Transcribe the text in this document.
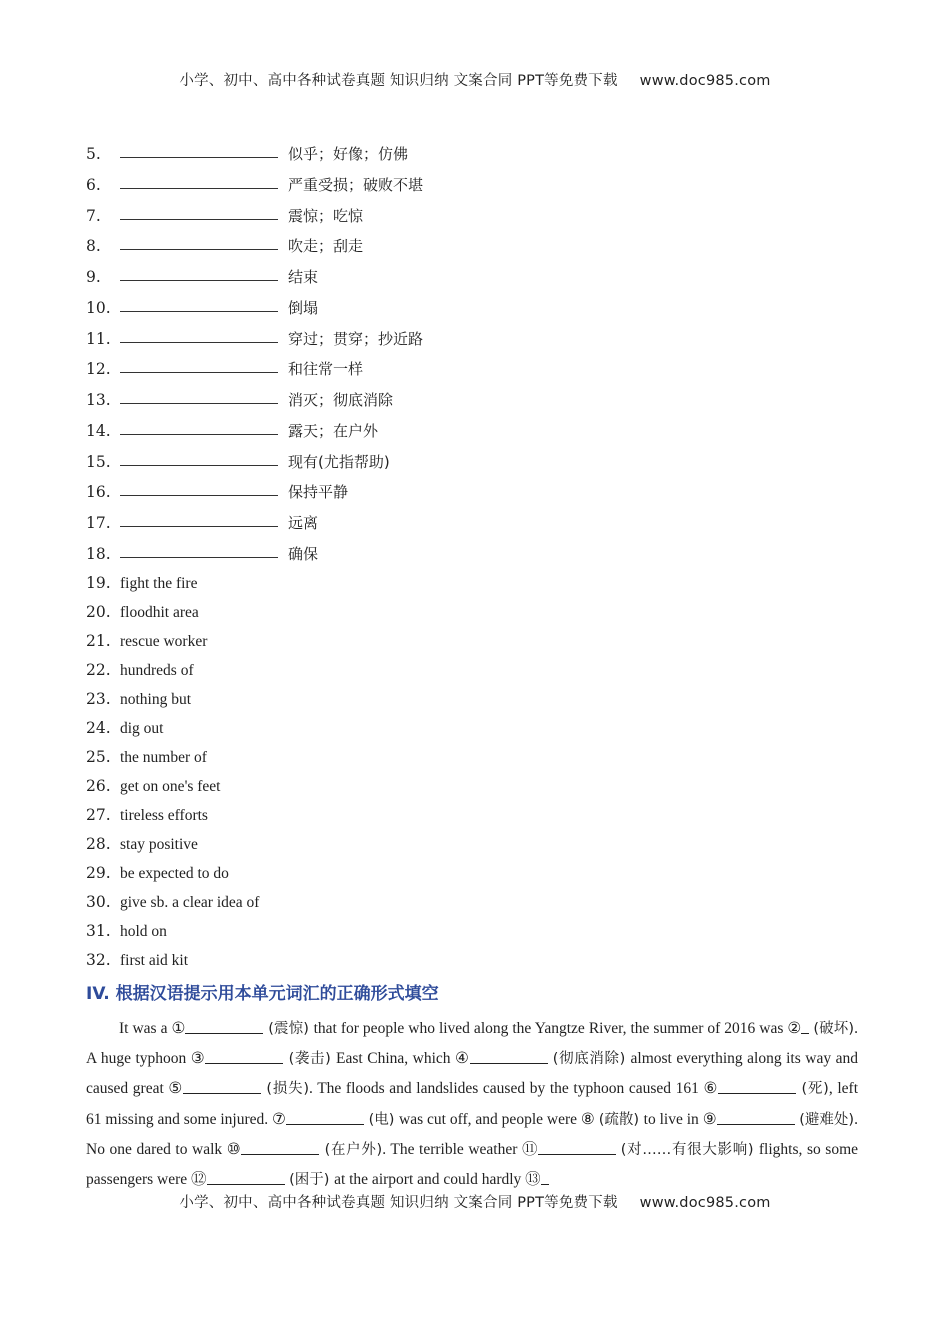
小学、初中、高中各种试卷真题 知识归纳 文案合同 PPT等免费下载 www.doc985.com
5.	似乎；好像；仿佛
6.	严重受损；破败不堪
7.	震惊；吃惊
8.	吹走；刮走
9.	结束
10.	倒塌
11.	穿过；贯穿；抄近路
12.	和往常一样
13.	消灭；彻底消除
14.	露天；在户外
15.	现有(尤指帮助)
16.	保持平静
17.	远离
18.	确保
19. fight the fire
20. floodhit area
21. rescue worker
22. hundreds of
23. nothing but
24. dig out
25. the number of
26. get on one's feet
27. tireless efforts
28. stay positive
29. be expected to do
30. give sb. a clear idea of
31. hold on
32. first aid kit
IV. 根据汉语提示用本单元词汇的正确形式填空
It was a ①	(震惊) that for people who lived along the Yangtze River, the summer of 2016 was ② (破坏). A huge typhoon ③	(袭击) East China, which ④	(彻底消除) almost everything along its way and caused great ⑤	(损失). The floods and landslides caused by the typhoon caused 161 ⑥	(死), left 61 missing and some injured. ⑦	(电) was cut off, and people were ⑧ (疏散) to live in ⑨	(避难处). No one dared to walk ⑩	(在户外). The terrible weather ⑪	(对……有很大影响) flights, so some passengers were ⑫	(困于) at the airport and could hardly ⑬
小学、初中、高中各种试卷真题 知识归纳 文案合同 PPT等免费下载 www.doc985.com
